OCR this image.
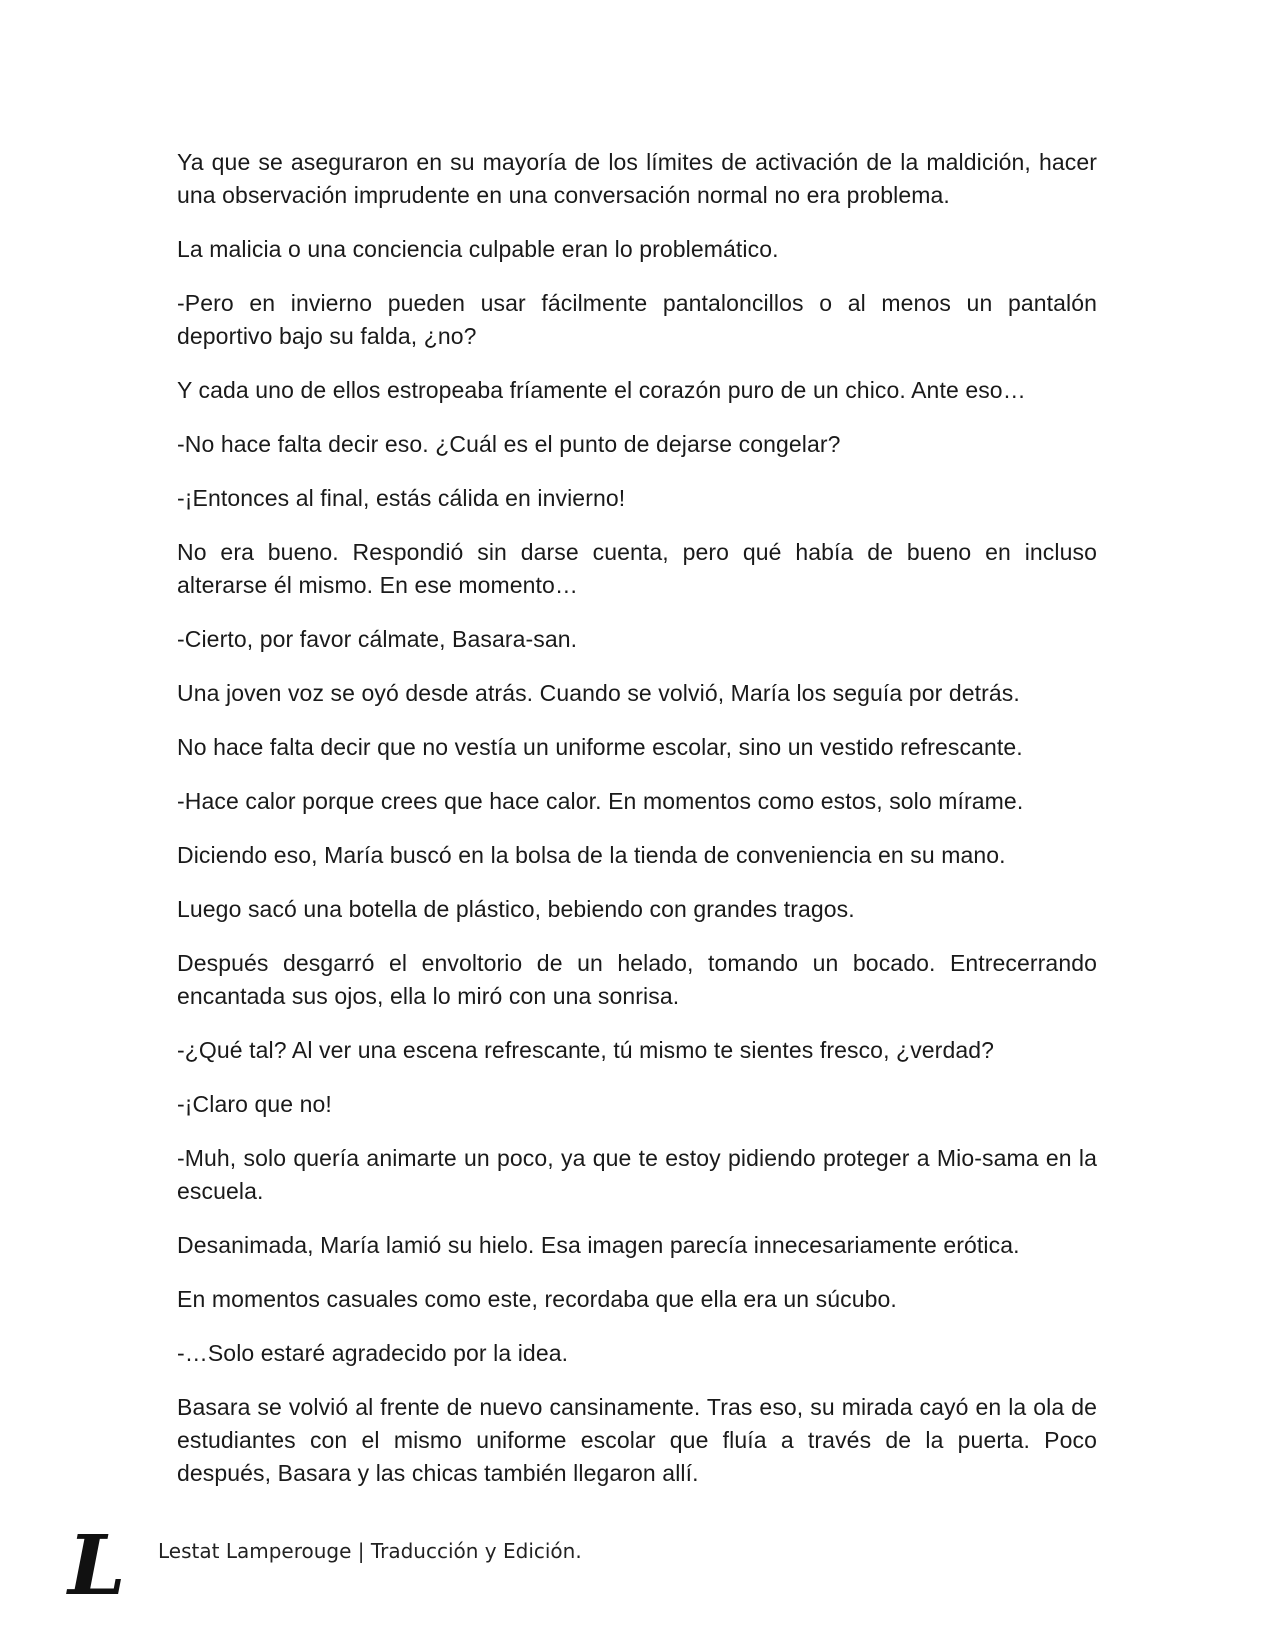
Ya que se aseguraron en su mayoría de los límites de activación de la maldición, hacer una observación imprudente en una conversación normal no era problema.

La malicia o una conciencia culpable eran lo problemático.

-Pero en invierno pueden usar fácilmente pantaloncillos o al menos un pantalón deportivo bajo su falda, ¿no?

Y cada uno de ellos estropeaba fríamente el corazón puro de un chico. Ante eso…

-No hace falta decir eso. ¿Cuál es el punto de dejarse congelar?

-¡Entonces al final, estás cálida en invierno!

No era bueno. Respondió sin darse cuenta, pero qué había de bueno en incluso alterarse él mismo. En ese momento…

-Cierto, por favor cálmate, Basara-san.

Una joven voz se oyó desde atrás. Cuando se volvió, María los seguía por detrás.

No hace falta decir que no vestía un uniforme escolar, sino un vestido refrescante.

-Hace calor porque crees que hace calor. En momentos como estos, solo mírame.

Diciendo eso, María buscó en la bolsa de la tienda de conveniencia en su mano.

Luego sacó una botella de plástico, bebiendo con grandes tragos.

Después desgarró el envoltorio de un helado, tomando un bocado. Entrecerrando encantada sus ojos, ella lo miró con una sonrisa.

-¿Qué tal? Al ver una escena refrescante, tú mismo te sientes fresco, ¿verdad?

-¡Claro que no!

-Muh, solo quería animarte un poco, ya que te estoy pidiendo proteger a Mio-sama en la escuela.

Desanimada, María lamió su hielo. Esa imagen parecía innecesariamente erótica.

En momentos casuales como este, recordaba que ella era un súcubo.

-…Solo estaré agradecido por la idea.

Basara se volvió al frente de nuevo cansinamente. Tras eso, su mirada cayó en la ola de estudiantes con el mismo uniforme escolar que fluía a través de la puerta. Poco después, Basara y las chicas también llegaron allí.

L Lestat Lamperouge | Traducción y Edición.
